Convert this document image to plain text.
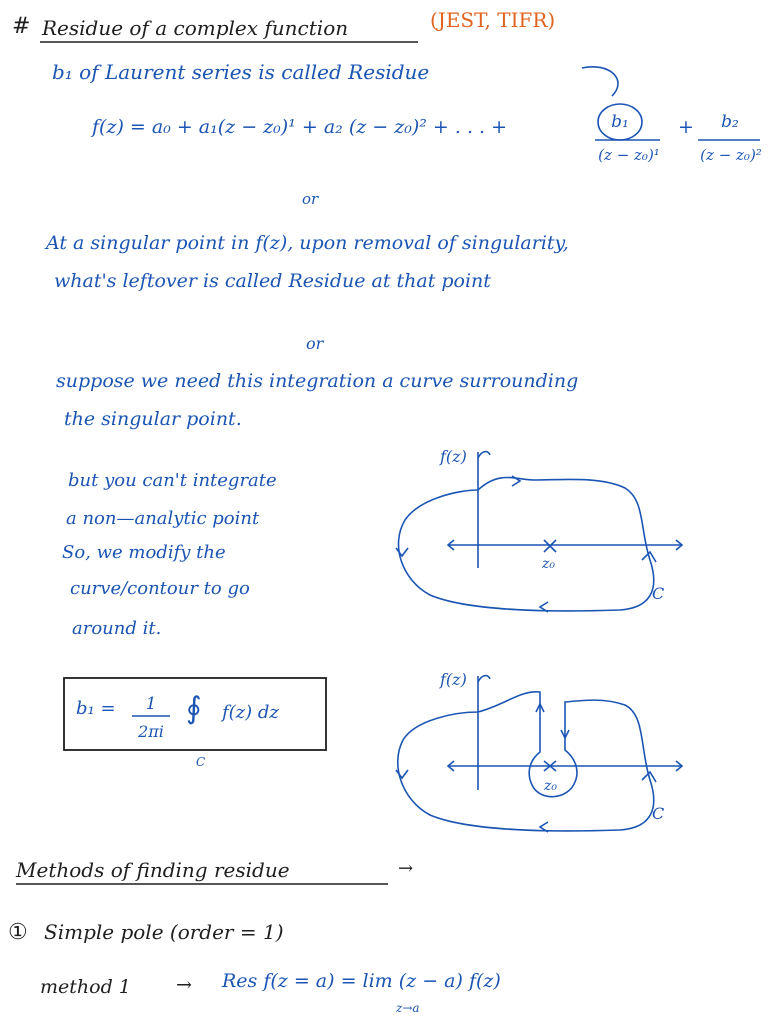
# Residue of a complex function	(JEST, TIFR)
b₁ of Laurent series is called Residue
f(z) = a₀ + a₁(z − z₀)¹ + a₂ (z − z₀)² + . . . +	b₁
(z − z₀)¹
+	b₂
(z − z₀)²
or
At a singular point in f(z), upon removal of singularity,
what's leftover is called Residue at that point
or
suppose we need this integration a curve surrounding
the singular point.
but you can't integrate
a non—analytic point
So, we modify the
curve/contour to go
around it.
f(z)
z₀
C
f(z)
z₀
C
b₁ =	1
2πi
∮
C
f(z) dz
Methods of finding residue	→
① Simple pole (order = 1)
method 1 → Res f(z = a) = lim (z − a) f(z)
z→a
